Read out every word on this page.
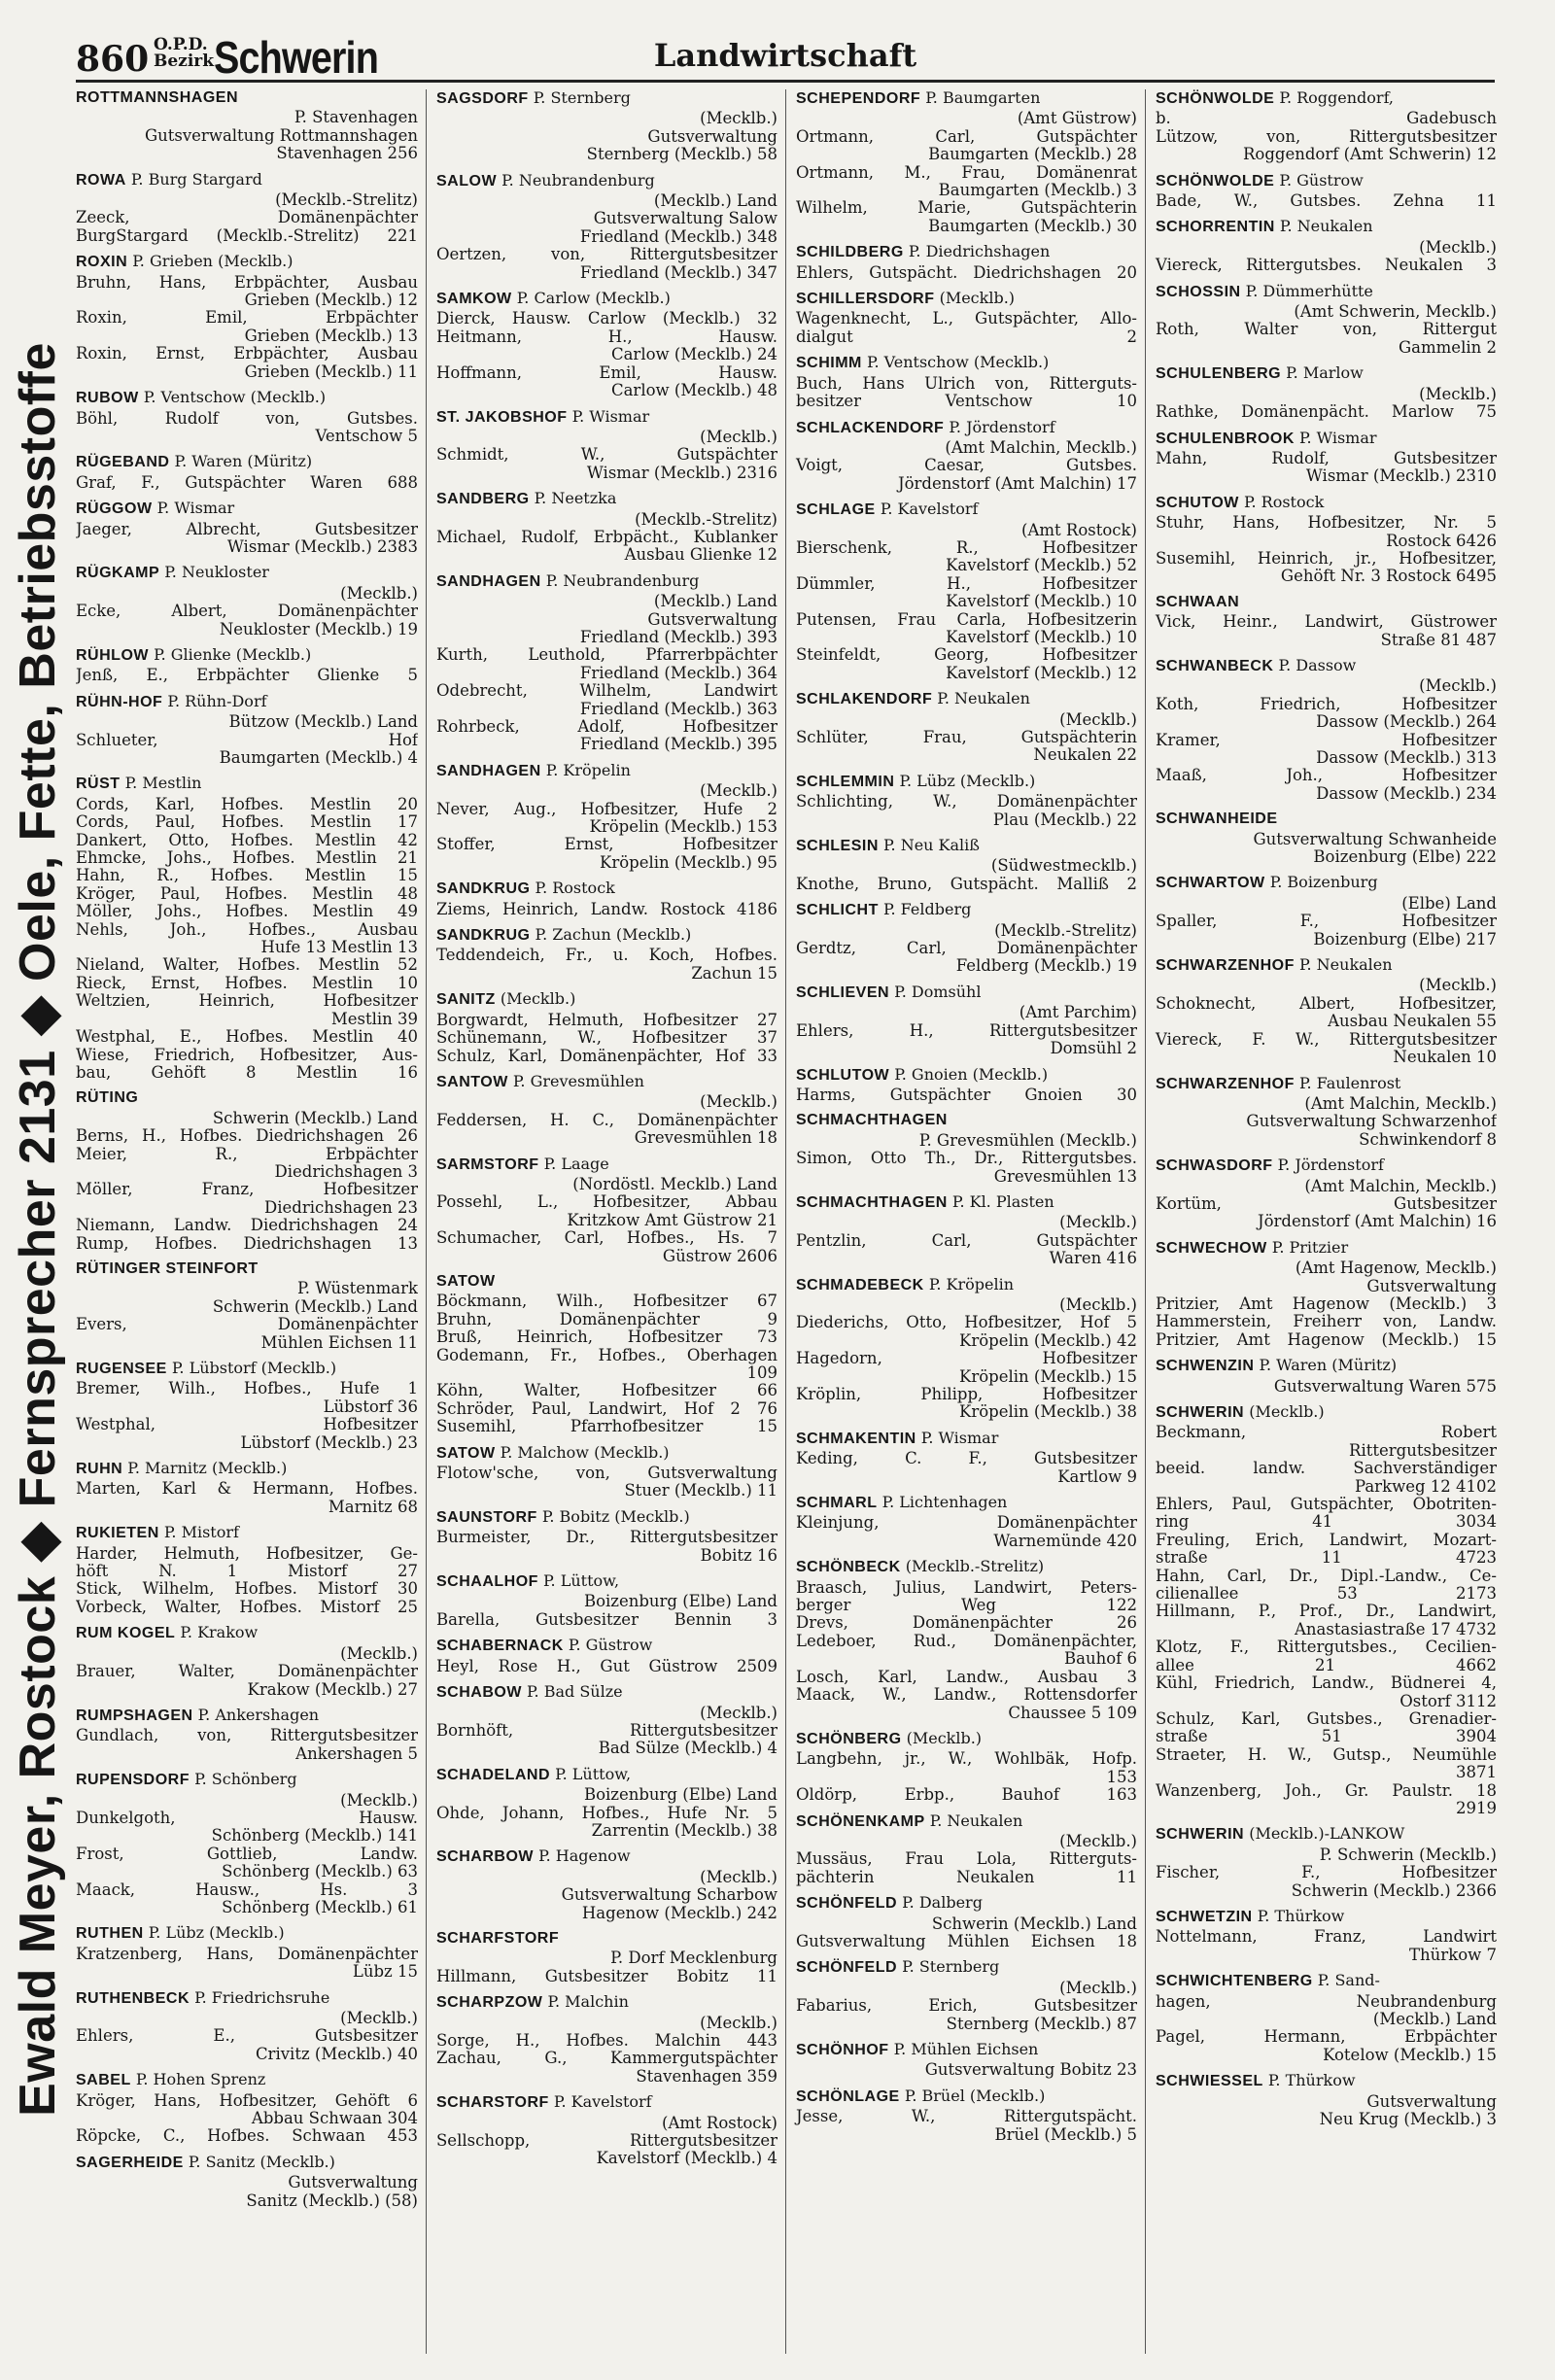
860 O.P.D. Bezirk Schwerin	Landwirtschaft
Ewald Meyer, Rostock ◆ Fernsprecher 2131 ◆ Oele, Fette, Betriebsstoffe
ROTTMANNSHAGEN
P. Stavenhagen
Gutsverwaltung Rottmannshagen
Stavenhagen 256
ROWA P. Burg Stargard
(Mecklb.-Strelitz)
Zeeck, Domänenpächter
BurgStargard (Mecklb.-Strelitz) 221
ROXIN P. Grieben (Mecklb.)
Bruhn, Hans, Erbpächter, Ausbau
Grieben (Mecklb.) 12
Roxin, Emil, Erbpächter
Grieben (Mecklb.) 13
Roxin, Ernst, Erbpächter, Ausbau
Grieben (Mecklb.) 11
RUBOW P. Ventschow (Mecklb.)
Böhl, Rudolf von, Gutsbes.
Ventschow 5
RÜGEBAND P. Waren (Müritz)
Graf, F., Gutspächter Waren 688
RÜGGOW P. Wismar
Jaeger, Albrecht, Gutsbesitzer
Wismar (Mecklb.) 2383
RÜGKAMP P. Neukloster
(Mecklb.)
Ecke, Albert, Domänenpächter
Neukloster (Mecklb.) 19
RÜHLOW P. Glienke (Mecklb.)
Jenß, E., Erbpächter Glienke 5
RÜHN-HOF P. Rühn-Dorf
Bützow (Mecklb.) Land
Schlueter, Hof
Baumgarten (Mecklb.) 4
RÜST P. Mestlin
Cords, Karl, Hofbes. Mestlin 20
Cords, Paul, Hofbes. Mestlin 17
Dankert, Otto, Hofbes. Mestlin 42
Ehmcke, Johs., Hofbes. Mestlin 21
Hahn, R., Hofbes. Mestlin 15
Kröger, Paul, Hofbes. Mestlin 48
Möller, Johs., Hofbes. Mestlin 49
Nehls, Joh., Hofbes., Ausbau
Hufe 13 Mestlin 13
Nieland, Walter, Hofbes. Mestlin 52
Rieck, Ernst, Hofbes. Mestlin 10
Weltzien, Heinrich, Hofbesitzer
Mestlin 39
Westphal, E., Hofbes. Mestlin 40
Wiese, Friedrich, Hofbesitzer, Aus-
bau, Gehöft 8 Mestlin 16
RÜTING
Schwerin (Mecklb.) Land
Berns, H., Hofbes. Diedrichshagen 26
Meier, R., Erbpächter
Diedrichshagen 3
Möller, Franz, Hofbesitzer
Diedrichshagen 23
Niemann, Landw. Diedrichshagen 24
Rump, Hofbes. Diedrichshagen 13
RÜTINGER STEINFORT
P. Wüstenmark
Schwerin (Mecklb.) Land
Evers, Domänenpächter
Mühlen Eichsen 11
RUGENSEE P. Lübstorf (Mecklb.)
Bremer, Wilh., Hofbes., Hufe 1
Lübstorf 36
Westphal, Hofbesitzer
Lübstorf (Mecklb.) 23
RUHN P. Marnitz (Mecklb.)
Marten, Karl & Hermann, Hofbes.
Marnitz 68
RUKIETEN P. Mistorf
Harder, Helmuth, Hofbesitzer, Ge-
höft N. 1 Mistorf 27
Stick, Wilhelm, Hofbes. Mistorf 30
Vorbeck, Walter, Hofbes. Mistorf 25
RUM KOGEL P. Krakow
(Mecklb.)
Brauer, Walter, Domänenpächter
Krakow (Mecklb.) 27
RUMPSHAGEN P. Ankershagen
Gundlach, von, Rittergutsbesitzer
Ankershagen 5
RUPENSDORF P. Schönberg
(Mecklb.)
Dunkelgoth, Hausw.
Schönberg (Mecklb.) 141
Frost, Gottlieb, Landw.
Schönberg (Mecklb.) 63
Maack, Hausw., Hs. 3
Schönberg (Mecklb.) 61
RUTHEN P. Lübz (Mecklb.)
Kratzenberg, Hans, Domänenpächter
Lübz 15
RUTHENBECK P. Friedrichsruhe
(Mecklb.)
Ehlers, E., Gutsbesitzer
Crivitz (Mecklb.) 40
SABEL P. Hohen Sprenz
Kröger, Hans, Hofbesitzer, Gehöft 6
Abbau Schwaan 304
Röpcke, C., Hofbes. Schwaan 453
SAGERHEIDE P. Sanitz (Mecklb.)
Gutsverwaltung
Sanitz (Mecklb.) (58)
SAGSDORF P. Sternberg
(Mecklb.)
Gutsverwaltung
Sternberg (Mecklb.) 58
SALOW P. Neubrandenburg
(Mecklb.) Land
Gutsverwaltung Salow
Friedland (Mecklb.) 348
Oertzen, von, Rittergutsbesitzer
Friedland (Mecklb.) 347
SAMKOW P. Carlow (Mecklb.)
Dierck, Hausw. Carlow (Mecklb.) 32
Heitmann, H., Hausw.
Carlow (Mecklb.) 24
Hoffmann, Emil, Hausw.
Carlow (Mecklb.) 48
ST. JAKOBSHOF P. Wismar
(Mecklb.)
Schmidt, W., Gutspächter
Wismar (Mecklb.) 2316
SANDBERG P. Neetzka
(Mecklb.-Strelitz)
Michael, Rudolf, Erbpächt., Kublanker
Ausbau Glienke 12
SANDHAGEN P. Neubrandenburg
(Mecklb.) Land
Gutsverwaltung
Friedland (Mecklb.) 393
Kurth, Leuthold, Pfarrerbpächter
Friedland (Mecklb.) 364
Odebrecht, Wilhelm, Landwirt
Friedland (Mecklb.) 363
Rohrbeck, Adolf, Hofbesitzer
Friedland (Mecklb.) 395
SANDHAGEN P. Kröpelin
(Mecklb.)
Never, Aug., Hofbesitzer, Hufe 2
Kröpelin (Mecklb.) 153
Stoffer, Ernst, Hofbesitzer
Kröpelin (Mecklb.) 95
SANDKRUG P. Rostock
Ziems, Heinrich, Landw. Rostock 4186
SANDKRUG P. Zachun (Mecklb.)
Teddendeich, Fr., u. Koch, Hofbes.
Zachun 15
SANITZ (Mecklb.)
Borgwardt, Helmuth, Hofbesitzer 27
Schünemann, W., Hofbesitzer 37
Schulz, Karl, Domänenpächter, Hof 33
SANTOW P. Grevesmühlen
(Mecklb.)
Feddersen, H. C., Domänenpächter
Grevesmühlen 18
SARMSTORF P. Laage
(Nordöstl. Mecklb.) Land
Possehl, L., Hofbesitzer, Abbau
Kritzkow Amt Güstrow 21
Schumacher, Carl, Hofbes., Hs. 7
Güstrow 2606
SATOW
Böckmann, Wilh., Hofbesitzer 67
Bruhn, Domänenpächter 9
Bruß, Heinrich, Hofbesitzer 73
Godemann, Fr., Hofbes., Oberhagen
109
Köhn, Walter, Hofbesitzer 66
Schröder, Paul, Landwirt, Hof 2 76
Susemihl, Pfarrhofbesitzer 15
SATOW P. Malchow (Mecklb.)
Flotow'sche, von, Gutsverwaltung
Stuer (Mecklb.) 11
SAUNSTORF P. Bobitz (Mecklb.)
Burmeister, Dr., Rittergutsbesitzer
Bobitz 16
SCHAALHOF P. Lüttow,
Boizenburg (Elbe) Land
Barella, Gutsbesitzer Bennin 3
SCHABERNACK P. Güstrow
Heyl, Rose H., Gut Güstrow 2509
SCHABOW P. Bad Sülze
(Mecklb.)
Bornhöft, Rittergutsbesitzer
Bad Sülze (Mecklb.) 4
SCHADELAND P. Lüttow,
Boizenburg (Elbe) Land
Ohde, Johann, Hofbes., Hufe Nr. 5
Zarrentin (Mecklb.) 38
SCHARBOW P. Hagenow
(Mecklb.)
Gutsverwaltung Scharbow
Hagenow (Mecklb.) 242
SCHARFSTORF
P. Dorf Mecklenburg
Hillmann, Gutsbesitzer Bobitz 11
SCHARPZOW P. Malchin
(Mecklb.)
Sorge, H., Hofbes. Malchin 443
Zachau, G., Kammergutspächter
Stavenhagen 359
SCHARSTORF P. Kavelstorf
(Amt Rostock)
Sellschopp, Rittergutsbesitzer
Kavelstorf (Mecklb.) 4
SCHEPENDORF P. Baumgarten
(Amt Güstrow)
Ortmann, Carl, Gutspächter
Baumgarten (Mecklb.) 28
Ortmann, M., Frau, Domänenrat
Baumgarten (Mecklb.) 3
Wilhelm, Marie, Gutspächterin
Baumgarten (Mecklb.) 30
SCHILDBERG P. Diedrichshagen
Ehlers, Gutspächt. Diedrichshagen 20
SCHILLERSDORF (Mecklb.)
Wagenknecht, L., Gutspächter, Allo-
dialgut 2
SCHIMM P. Ventschow (Mecklb.)
Buch, Hans Ulrich von, Ritterguts-
besitzer Ventschow 10
SCHLACKENDORF P. Jördenstorf
(Amt Malchin, Mecklb.)
Voigt, Caesar, Gutsbes.
Jördenstorf (Amt Malchin) 17
SCHLAGE P. Kavelstorf
(Amt Rostock)
Bierschenk, R., Hofbesitzer
Kavelstorf (Mecklb.) 52
Dümmler, H., Hofbesitzer
Kavelstorf (Mecklb.) 10
Putensen, Frau Carla, Hofbesitzerin
Kavelstorf (Mecklb.) 10
Steinfeldt, Georg, Hofbesitzer
Kavelstorf (Mecklb.) 12
SCHLAKENDORF P. Neukalen
(Mecklb.)
Schlüter, Frau, Gutspächterin
Neukalen 22
SCHLEMMIN P. Lübz (Mecklb.)
Schlichting, W., Domänenpächter
Plau (Mecklb.) 22
SCHLESIN P. Neu Kaliß
(Südwestmecklb.)
Knothe, Bruno, Gutspächt. Malliß 2
SCHLICHT P. Feldberg
(Mecklb.-Strelitz)
Gerdtz, Carl, Domänenpächter
Feldberg (Mecklb.) 19
SCHLIEVEN P. Domsühl
(Amt Parchim)
Ehlers, H., Rittergutsbesitzer
Domsühl 2
SCHLUTOW P. Gnoien (Mecklb.)
Harms, Gutspächter Gnoien 30
SCHMACHTHAGEN
P. Grevesmühlen (Mecklb.)
Simon, Otto Th., Dr., Rittergutsbes.
Grevesmühlen 13
SCHMACHTHAGEN P. Kl. Plasten
(Mecklb.)
Pentzlin, Carl, Gutspächter
Waren 416
SCHMADEBECK P. Kröpelin
(Mecklb.)
Diederichs, Otto, Hofbesitzer, Hof 5
Kröpelin (Mecklb.) 42
Hagedorn, Hofbesitzer
Kröpelin (Mecklb.) 15
Kröplin, Philipp, Hofbesitzer
Kröpelin (Mecklb.) 38
SCHMAKENTIN P. Wismar
Keding, C. F., Gutsbesitzer
Kartlow 9
SCHMARL P. Lichtenhagen
Kleinjung, Domänenpächter
Warnemünde 420
SCHÖNBECK (Mecklb.-Strelitz)
Braasch, Julius, Landwirt, Peters-
berger Weg 122
Drevs, Domänenpächter 26
Ledeboer, Rud., Domänenpächter,
Bauhof 6
Losch, Karl, Landw., Ausbau 3
Maack, W., Landw., Rottensdorfer
Chaussee 5 109
SCHÖNBERG (Mecklb.)
Langbehn, jr., W., Wohlbäk, Hofp.
153
Oldörp, Erbp., Bauhof 163
SCHÖNENKAMP P. Neukalen
(Mecklb.)
Mussäus, Frau Lola, Ritterguts-
pächterin Neukalen 11
SCHÖNFELD P. Dalberg
Schwerin (Mecklb.) Land
Gutsverwaltung Mühlen Eichsen 18
SCHÖNFELD P. Sternberg
(Mecklb.)
Fabarius, Erich, Gutsbesitzer
Sternberg (Mecklb.) 87
SCHÖNHOF P. Mühlen Eichsen
Gutsverwaltung Bobitz 23
SCHÖNLAGE P. Brüel (Mecklb.)
Jesse, W., Rittergutspächt.
Brüel (Mecklb.) 5
SCHÖNWOLDE P. Roggendorf,
b. Gadebusch
Lützow, von, Rittergutsbesitzer
Roggendorf (Amt Schwerin) 12
SCHÖNWOLDE P. Güstrow
Bade, W., Gutsbes. Zehna 11
SCHORRENTIN P. Neukalen
(Mecklb.)
Viereck, Rittergutsbes. Neukalen 3
SCHOSSIN P. Dümmerhütte
(Amt Schwerin, Mecklb.)
Roth, Walter von, Rittergut
Gammelin 2
SCHULENBERG P. Marlow
(Mecklb.)
Rathke, Domänenpächt. Marlow 75
SCHULENBROOK P. Wismar
Mahn, Rudolf, Gutsbesitzer
Wismar (Mecklb.) 2310
SCHUTOW P. Rostock
Stuhr, Hans, Hofbesitzer, Nr. 5
Rostock 6426
Susemihl, Heinrich, jr., Hofbesitzer,
Gehöft Nr. 3 Rostock 6495
SCHWAAN
Vick, Heinr., Landwirt, Güstrower
Straße 81 487
SCHWANBECK P. Dassow
(Mecklb.)
Koth, Friedrich, Hofbesitzer
Dassow (Mecklb.) 264
Kramer, Hofbesitzer
Dassow (Mecklb.) 313
Maaß, Joh., Hofbesitzer
Dassow (Mecklb.) 234
SCHWANHEIDE
Gutsverwaltung Schwanheide
Boizenburg (Elbe) 222
SCHWARTOW P. Boizenburg
(Elbe) Land
Spaller, F., Hofbesitzer
Boizenburg (Elbe) 217
SCHWARZENHOF P. Neukalen
(Mecklb.)
Schoknecht, Albert, Hofbesitzer,
Ausbau Neukalen 55
Viereck, F. W., Rittergutsbesitzer
Neukalen 10
SCHWARZENHOF P. Faulenrost
(Amt Malchin, Mecklb.)
Gutsverwaltung Schwarzenhof
Schwinkendorf 8
SCHWASDORF P. Jördenstorf
(Amt Malchin, Mecklb.)
Kortüm, Gutsbesitzer
Jördenstorf (Amt Malchin) 16
SCHWECHOW P. Pritzier
(Amt Hagenow, Mecklb.)
Gutsverwaltung
Pritzier, Amt Hagenow (Mecklb.) 3
Hammerstein, Freiherr von, Landw.
Pritzier, Amt Hagenow (Mecklb.) 15
SCHWENZIN P. Waren (Müritz)
Gutsverwaltung Waren 575
SCHWERIN (Mecklb.)
Beckmann, Robert
Rittergutsbesitzer
beeid. landw. Sachverständiger
Parkweg 12 4102
Ehlers, Paul, Gutspächter, Obotriten-
ring 41 3034
Freuling, Erich, Landwirt, Mozart-
straße 11 4723
Hahn, Carl, Dr., Dipl.-Landw., Ce-
cilienallee 53 2173
Hillmann, P., Prof., Dr., Landwirt,
Anastasiastraße 17 4732
Klotz, F., Rittergutsbes., Cecilien-
allee 21 4662
Kühl, Friedrich, Landw., Büdnerei 4,
Ostorf 3112
Schulz, Karl, Gutsbes., Grenadier-
straße 51 3904
Straeter, H. W., Gutsp., Neumühle
3871
Wanzenberg, Joh., Gr. Paulstr. 18
2919
SCHWERIN (Mecklb.)-LANKOW
P. Schwerin (Mecklb.)
Fischer, F., Hofbesitzer
Schwerin (Mecklb.) 2366
SCHWETZIN P. Thürkow
Nottelmann, Franz, Landwirt
Thürkow 7
SCHWICHTENBERG P. Sand-
hagen, Neubrandenburg
(Mecklb.) Land
Pagel, Hermann, Erbpächter
Kotelow (Mecklb.) 15
SCHWIESSEL P. Thürkow
Gutsverwaltung
Neu Krug (Mecklb.) 3
